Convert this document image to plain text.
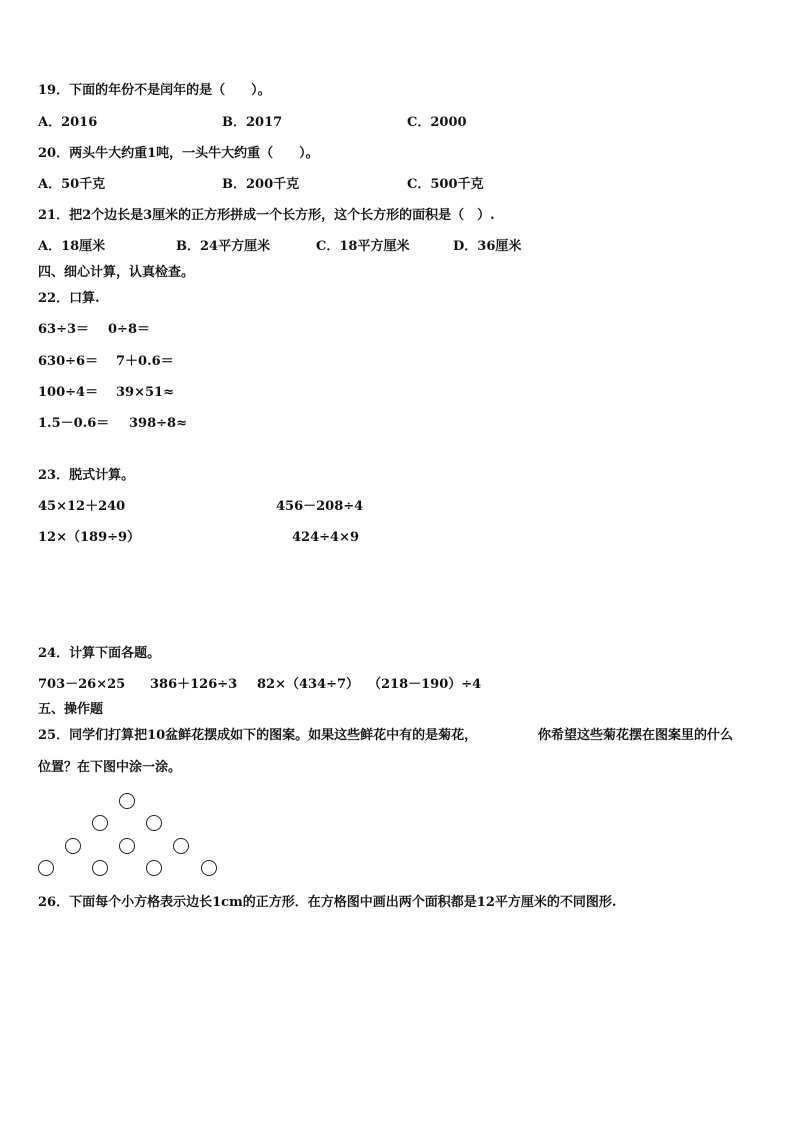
19．下面的年份不是闰年的是（　　）。
A．2016	B．2017	C．2000
20．两头牛大约重1吨，一头牛大约重（　　）。
A．50千克	B．200千克	C．500千克
21．把2个边长是3厘米的正方形拼成一个长方形，这个长方形的面积是（　）.
A．18厘米	B．24平方厘米	C．18平方厘米	D．36厘米
四、细心计算，认真检查。
22．口算.
63÷3＝ 0÷8＝
630÷6＝ 7＋0.6＝
100÷4＝ 39×51≈
1.5－0.6＝ 398÷8≈
23．脱式计算。
45×12＋240	456－208÷4
12×（189÷9）	424÷4×9
24．计算下面各题。
703－26×25 386＋126÷3 82×（434÷7） （218－190）÷4
五、操作题
25．同学们打算把10盆鲜花摆成如下的图案。如果这些鲜花中有的是菊花，	你希望这些菊花摆在图案里的什么
位置？在下图中涂一涂。
26．下面每个小方格表示边长1cm的正方形．在方格图中画出两个面积都是12平方厘米的不同图形.
